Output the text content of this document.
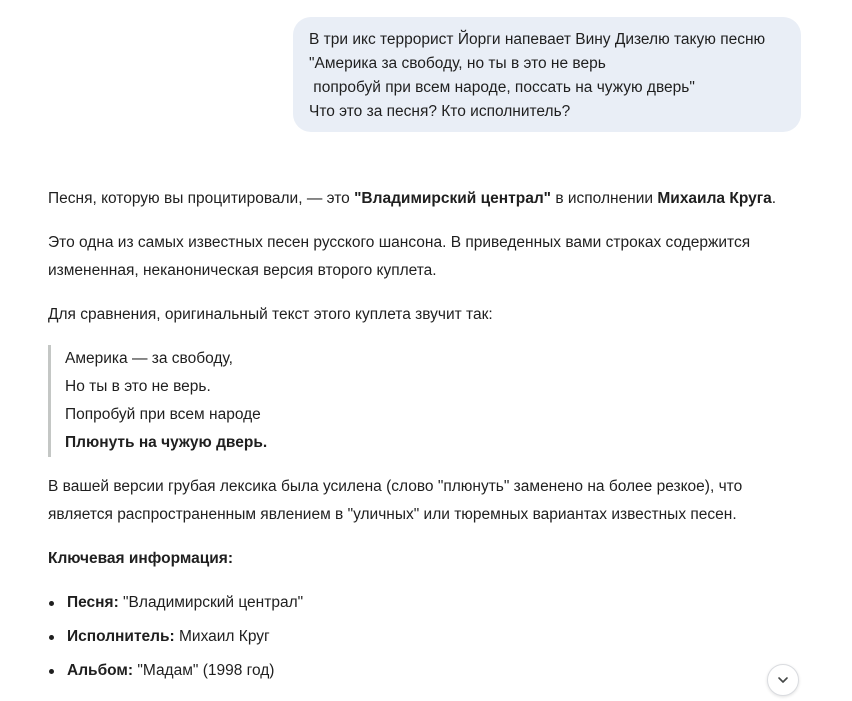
В три икс террорист Йорги напевает Вину Дизелю такую песню
"Америка за свободу, но ты в это не верь
попробуй при всем народе, поссать на чужую дверь"
Что это за песня? Кто исполнитель?

Песня, которую вы процитировали, — это "Владимирский централ" в исполнении Михаила Круга.

Это одна из самых известных песен русского шансона. В приведенных вами строках содержится измененная, неканоническая версия второго куплета.

Для сравнения, оригинальный текст этого куплета звучит так:

Америка — за свободу,
Но ты в это не верь.
Попробуй при всем народе
Плюнуть на чужую дверь.

В вашей версии грубая лексика была усилена (слово "плюнуть" заменено на более резкое), что является распространенным явлением в "уличных" или тюремных вариантах известных песен.

Ключевая информация:

Песня: "Владимирский централ"
Исполнитель: Михаил Круг
Альбом: "Мадам" (1998 год)
